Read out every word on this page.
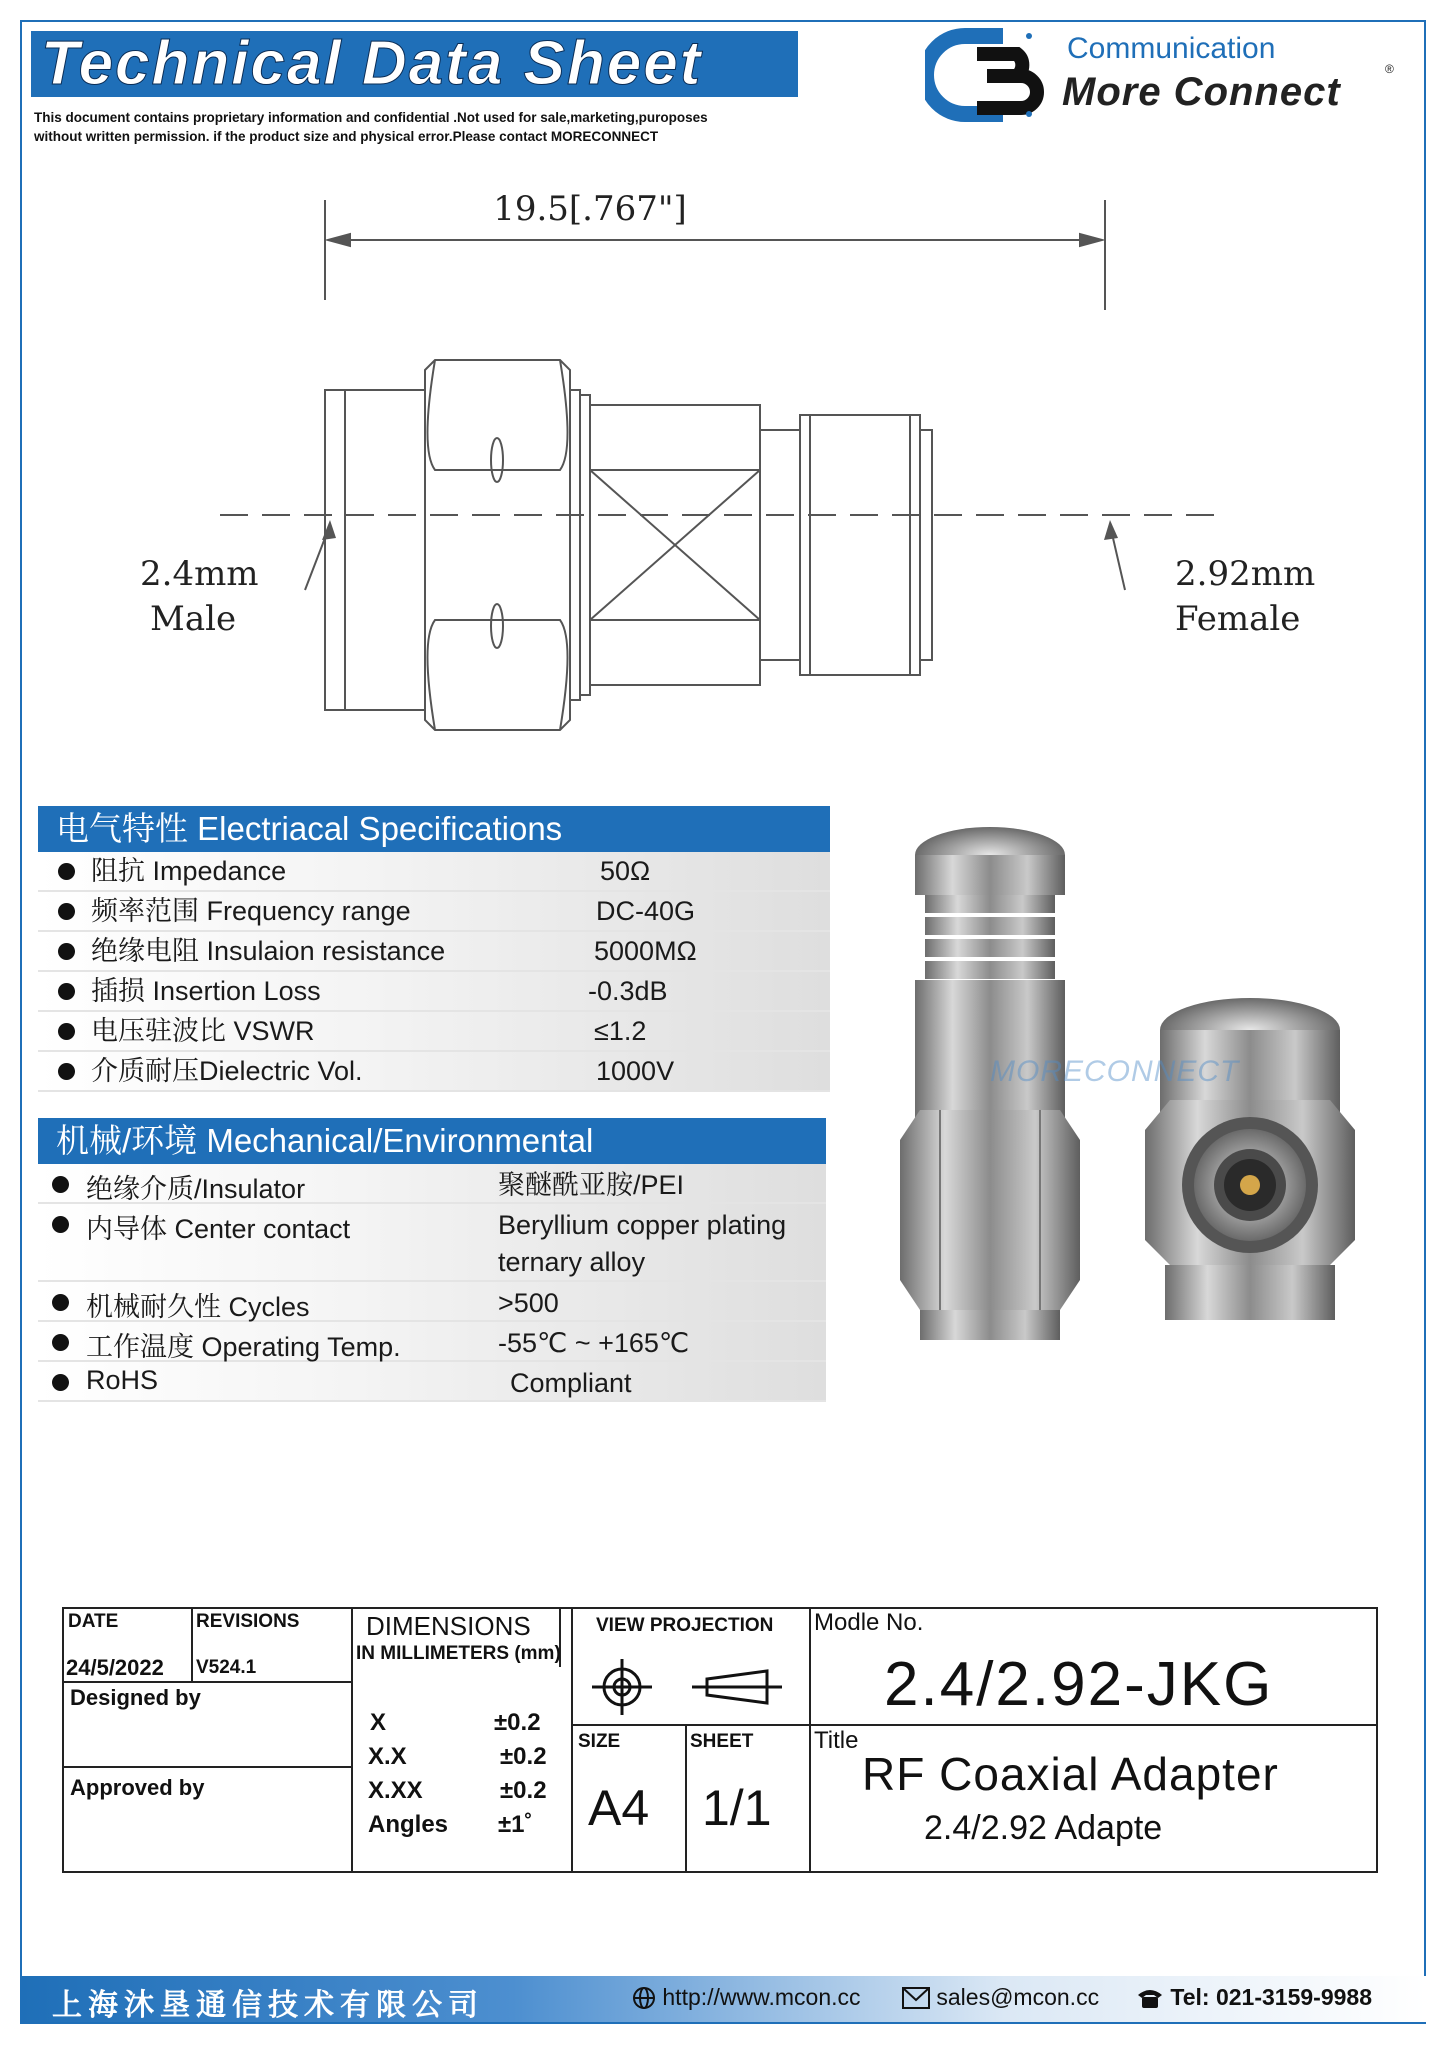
Technical Data Sheet
This document contains proprietary information and confidential .Not used for sale,marketing,puroposes
without written permission. if the product size and physical error.Please contact MORECONNECT
Communication
More Connect
®
19.5[.767"]
2.4mm
Male
2.92mm
Female
电气特性 Electriacal Specifications
阻抗 Impedance	50Ω
频率范围 Frequency range	DC-40G
绝缘电阻 Insulaion resistance	5000MΩ
插损 Insertion Loss	-0.3dB
电压驻波比 VSWR	≤1.2
介质耐压Dielectric Vol.	1000V
机械/环境 Mechanical/Environmental
绝缘介质/Insulator	聚醚酰亚胺/PEI
内导体 Center contact	Beryllium copper plating
ternary alloy
机械耐久性 Cycles	>500
工作温度 Operating Temp.	-55℃ ~ +165℃
RoHS	Compliant
MORECONNECT
DATE	REVISIONS
24/5/2022 V524.1
Designed by
Approved by
DIMENSIONS
IN MILLIMETERS (mm)
X	±0.2
X.X	±0.2
X.XX	±0.2
Angles ±1˚
VIEW PROJECTION
SIZE
A4
SHEET
1/1
Modle No.
2.4/2.92-JKG
Title
RF Coaxial Adapter
2.4/2.92 Adapte
上海沐垦通信技术有限公司	http://www.mcon.cc	sales@mcon.cc	Tel: 021-3159-9988
